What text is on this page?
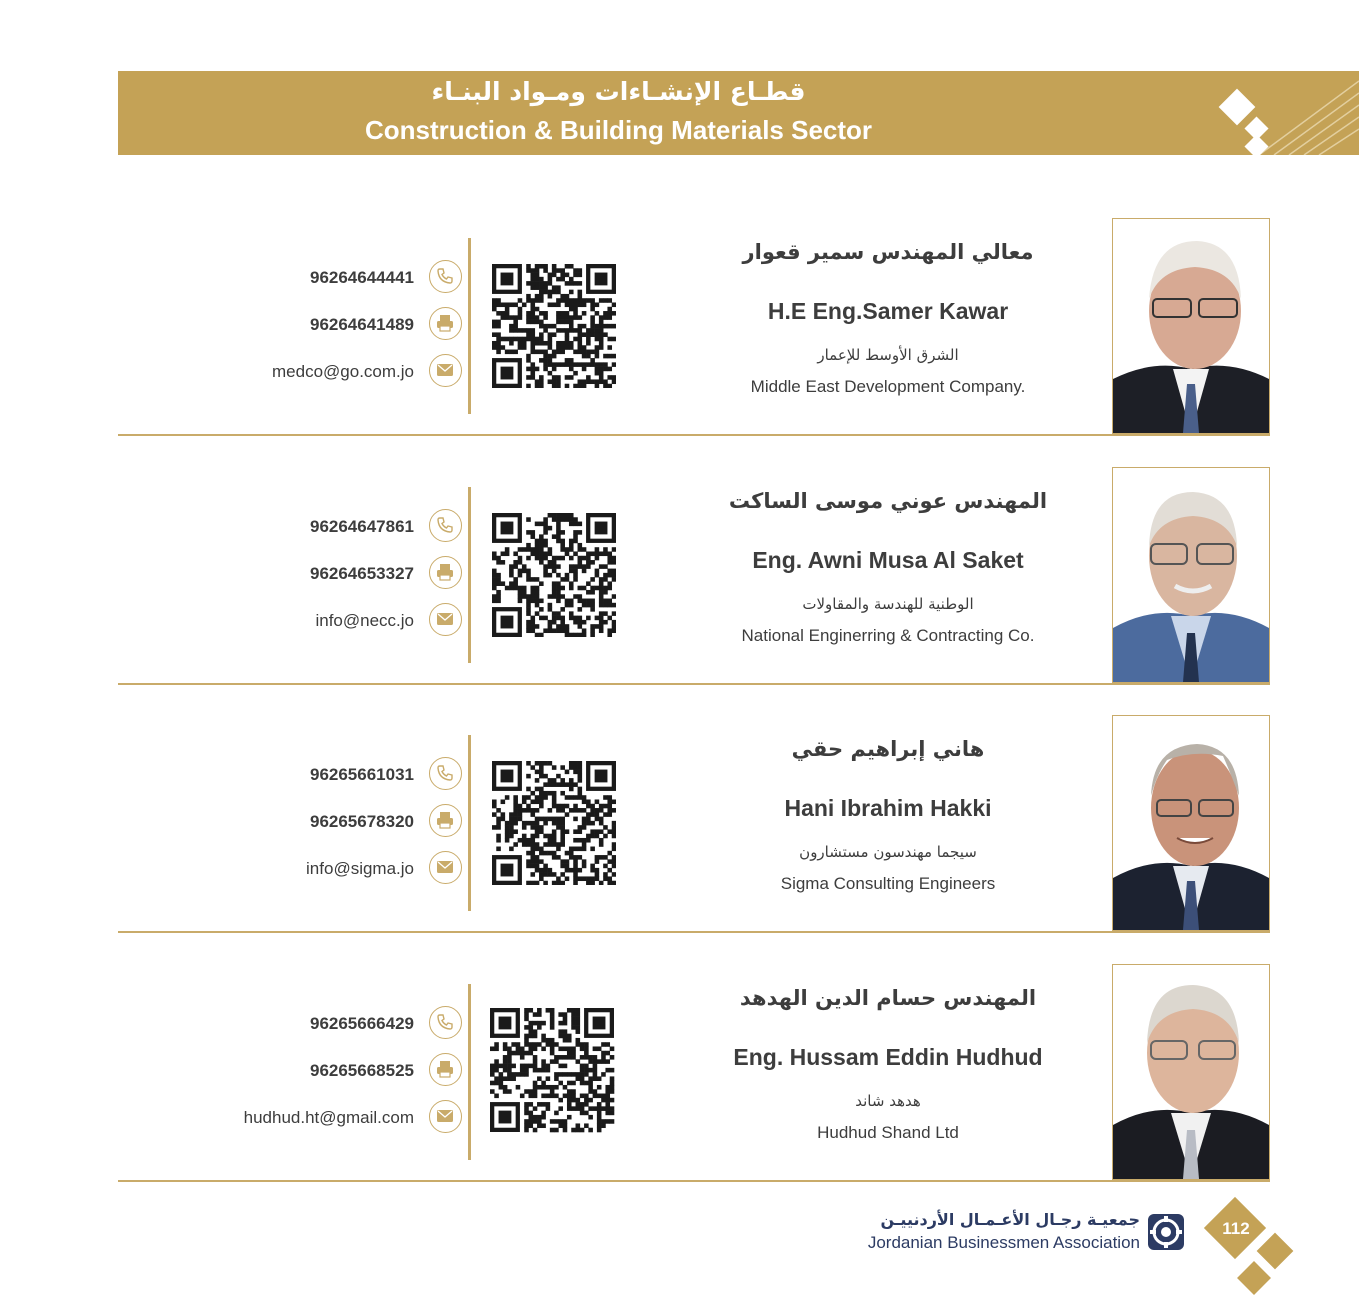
قطـاع الإنشـاءات ومـواد البنـاء
Construction & Building Materials Sector
معالي المهندس سمير قعوار
H.E Eng.Samer Kawar
الشرق الأوسط للإعمار
Middle East Development Company.
96264644441
96264641489
medco@go.com.jo
المهندس عوني موسى الساكت
Eng. Awni Musa Al Saket
الوطنية للهندسة والمقاولات
National Enginerring & Contracting Co.
96264647861
96264653327
info@necc.jo
هاني إبراهيم حقي
Hani Ibrahim Hakki
سيجما مهندسون مستشارون
Sigma Consulting Engineers
96265661031
96265678320
info@sigma.jo
المهندس حسام الدين الهدهد
Eng. Hussam Eddin Hudhud
هدهد شاند
Hudhud Shand Ltd
96265666429
96265668525
hudhud.ht@gmail.com
جمعيـة رجـال الأعـمـال الأردنييـن
Jordanian Businessmen Association
112
